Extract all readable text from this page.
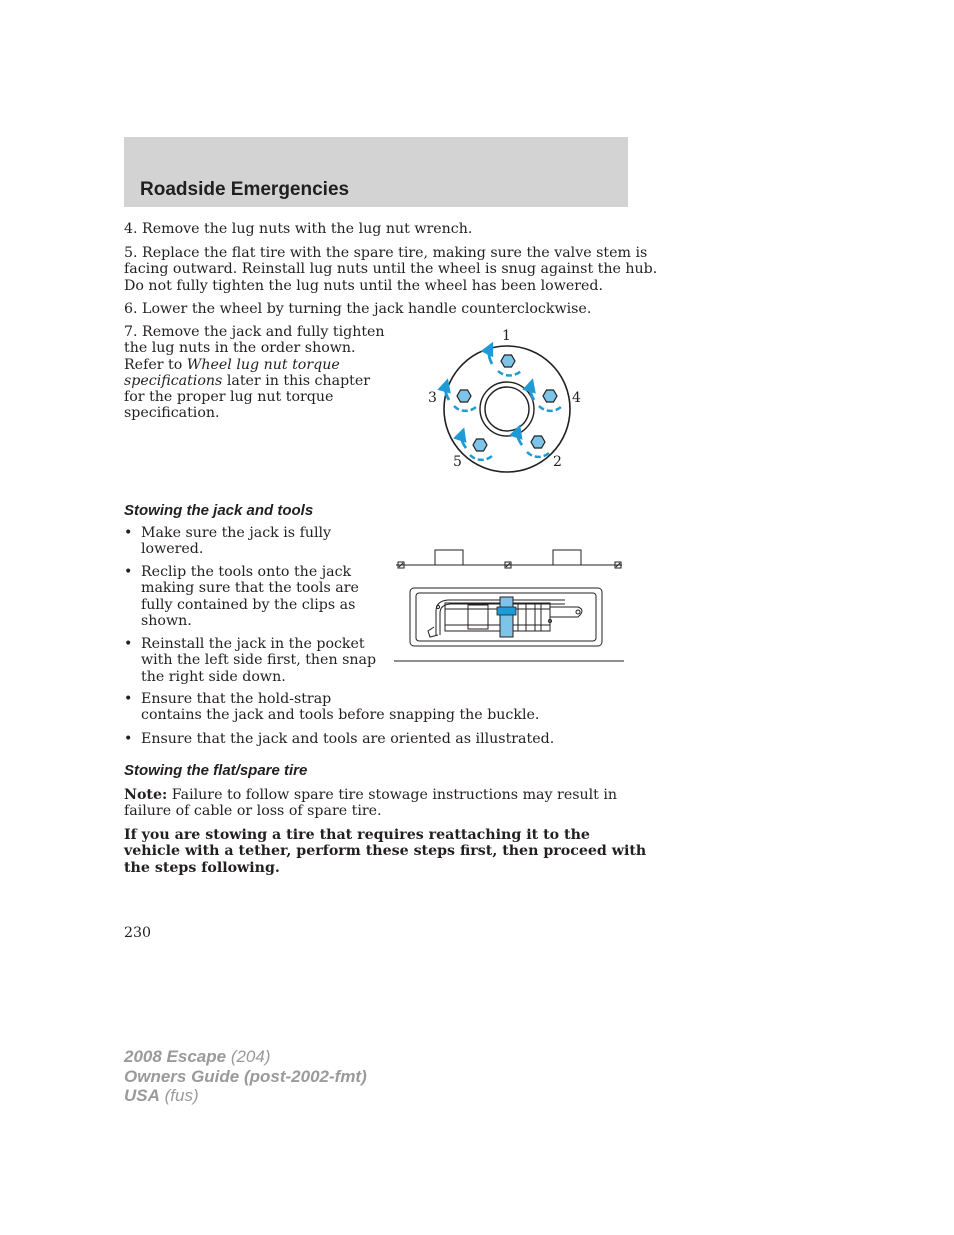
Roadside Emergencies

4. Remove the lug nuts with the lug nut wrench.

5. Replace the flat tire with the spare tire, making sure the valve stem is
facing outward. Reinstall lug nuts until the wheel is snug against the hub.
Do not fully tighten the lug nuts until the wheel has been lowered.

6. Lower the wheel by turning the jack handle counterclockwise.

7. Remove the jack and fully tighten
the lug nuts in the order shown.
Refer to Wheel lug nut torque
specifications later in this chapter
for the proper lug nut torque
specification.
1
3	4
5	2
Stowing the jack and tools
• Make sure the jack is fully
lowered.
• Reclip the tools onto the jack
making sure that the tools are
fully contained by the clips as
shown.
• Reinstall the jack in the pocket
with the left side first, then snap
the right side down.
• Ensure that the hold-strap
contains the jack and tools before snapping the buckle.
• Ensure that the jack and tools are oriented as illustrated.
Stowing the flat/spare tire
Note: Failure to follow spare tire stowage instructions may result in
failure of cable or loss of spare tire.
If you are stowing a tire that requires reattaching it to the
vehicle with a tether, perform these steps first, then proceed with
the steps following.
230
2008 Escape (204)
Owners Guide (post-2002-fmt)
USA (fus)
